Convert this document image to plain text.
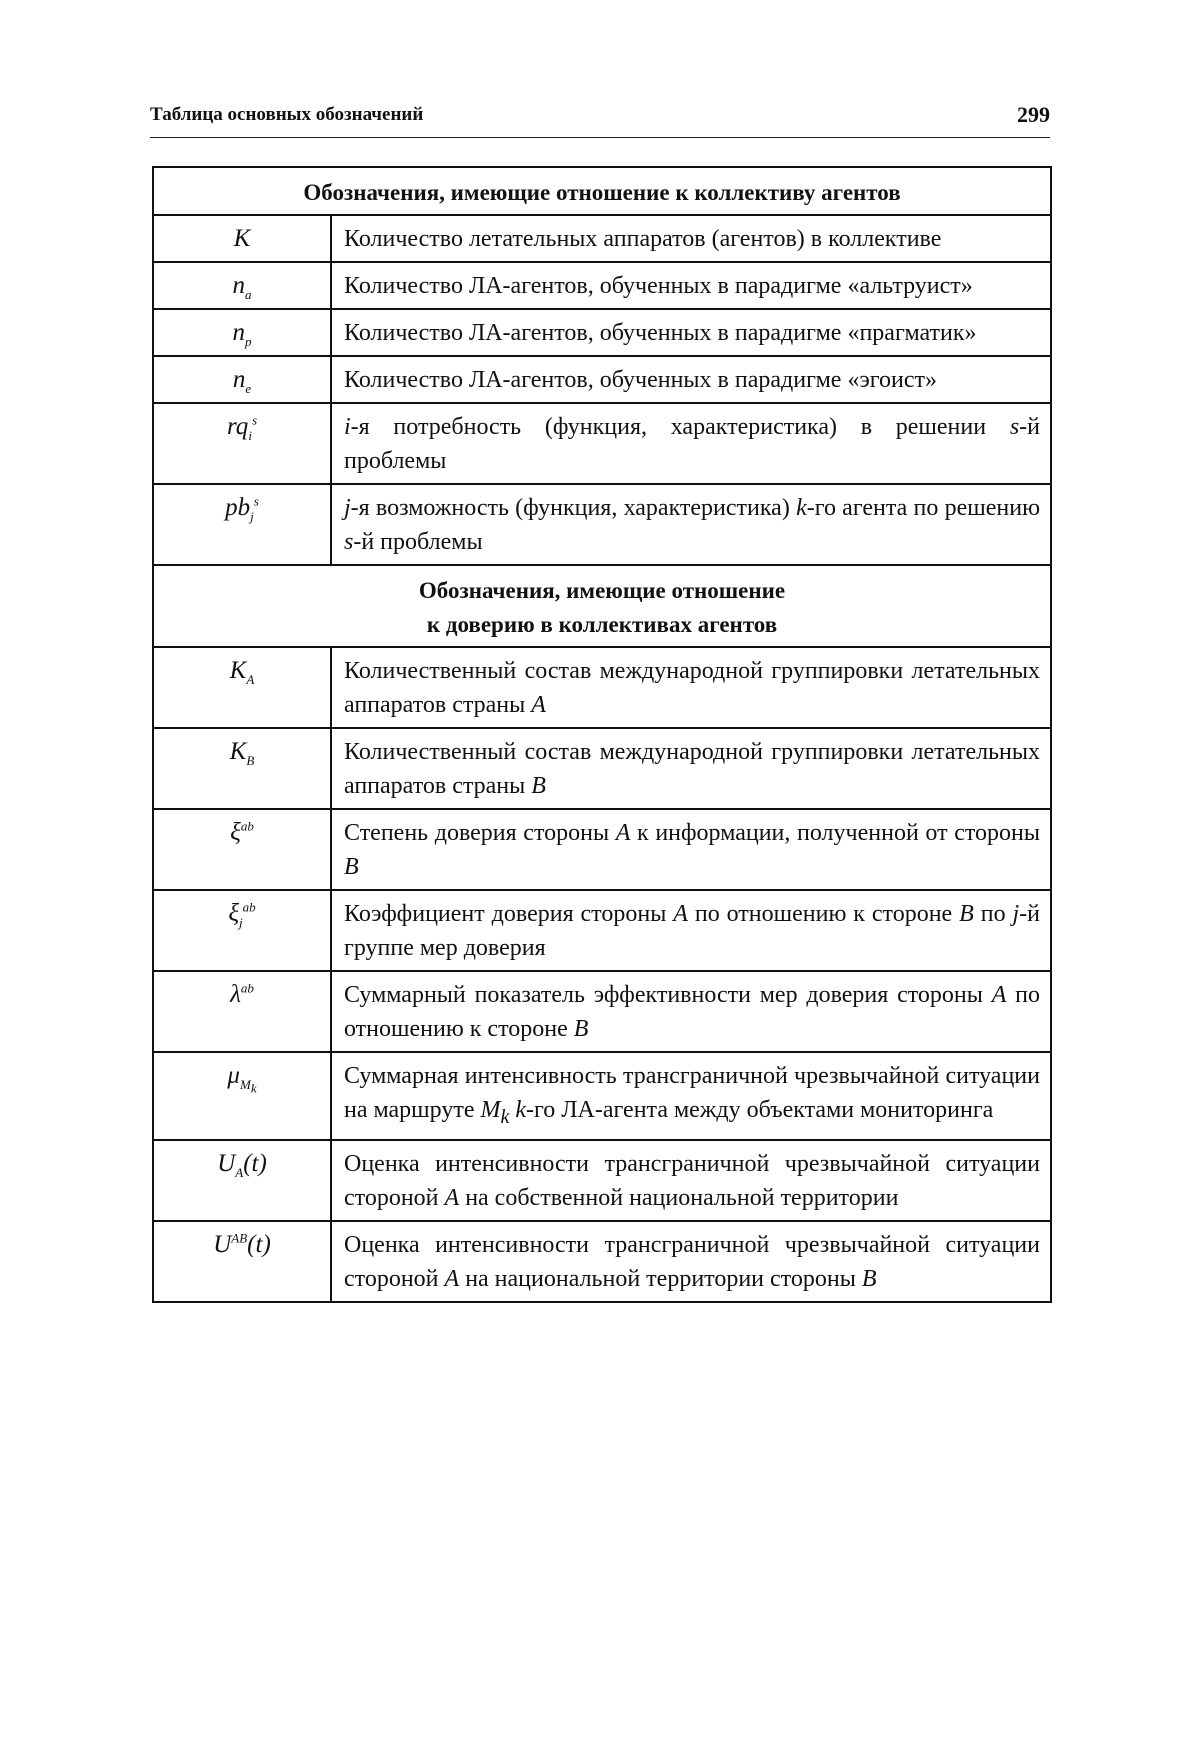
Таблица основных обозначений	299
Обозначения, имеющие отношение к коллективу агентов	

K	Количество летательных аппаратов (агентов) в коллективе
$n_a$	Количество ЛА-агентов, обученных в парадигме «альтруист»
$n_p$	Количество ЛА-агентов, обученных в парадигме «прагматик»
$n_e$	Количество ЛА-агентов, обученных в парадигме «эгоист»
$rq_i^s$	i-я потребность (функция, характеристика) в решении s-й проблемы
$pb_j^s$	j-я возможность (функция, характеристика) k-го агента по решению s-й проблемы

Обозначения, имеющие отношение
к доверию в коллективах агентов	

$K_A$	Количественный состав международной группировки летательных аппаратов страны A
$K_B$	Количественный состав международной группировки летательных аппаратов страны B
$\xi^{ab}$	Степень доверия стороны A к информации, полученной от стороны B
$\xi_j^{ab}$	Коэффициент доверия стороны A по отношению к стороне B по j-й группе мер доверия
$\lambda^{ab}$	Суммарный показатель эффективности мер доверия стороны A по отношению к стороне B
$\mu_{M_k}$	Суммарная интенсивность трансграничной чрезвычайной ситуации на маршруте $M_k$ k-го ЛА-агента между объектами мониторинга
$U_A(t)$	Оценка интенсивности трансграничной чрезвычайной ситуации стороной A на собственной национальной территории
$U^{AB}(t)$	Оценка интенсивности трансграничной чрезвычайной ситуации стороной A на национальной территории стороны B
